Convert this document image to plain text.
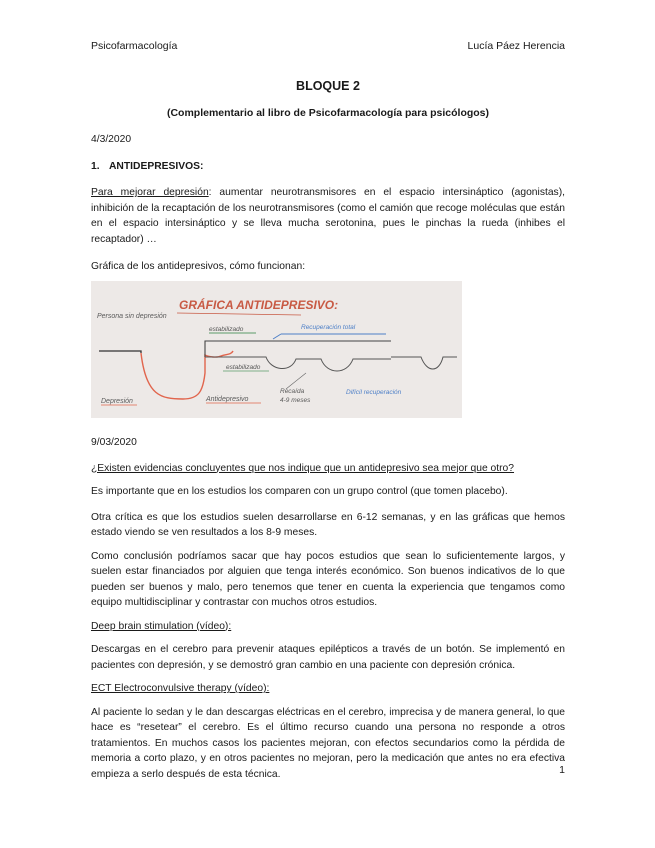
Psicofarmacología	Lucía Páez Herencia
BLOQUE 2
(Complementario al libro de Psicofarmacología para psicólogos)
4/3/2020
1. ANTIDEPRESIVOS:

Para mejorar depresión: aumentar neurotransmisores en el espacio intersináptico (agonistas), inhibición de la recaptación de los neurotransmisores (como el camión que recoge moléculas que están en el espacio intersináptico y se lleva mucha serotonina, pues le pinchas la rueda (inhibes el recaptador) …

Gráfica de los antidepresivos, cómo funcionan:

GRÁFICA ANTIDEPRESIVO:
Persona sin depresión
estabilizado	Recuperación total
estabilizado
Depresión	Antidepresivo
Recaída
4-9 meses
Difícil recuperación
9/03/2020

¿Existen evidencias concluyentes que nos indique que un antidepresivo sea mejor que otro?

Es importante que en los estudios los comparen con un grupo control (que tomen placebo).

Otra crítica es que los estudios suelen desarrollarse en 6-12 semanas, y en las gráficas que hemos estado viendo se ven resultados a los 8-9 meses.

Como conclusión podríamos sacar que hay pocos estudios que sean lo suficientemente largos, y suelen estar financiados por alguien que tenga interés económico. Son buenos indicativos de lo que pueden ser buenos y malo, pero tenemos que tener en cuenta la experiencia que tengamos como equipo multidisciplinar y contrastar con muchos otros estudios.

Deep brain stimulation (vídeo):

Descargas en el cerebro para prevenir ataques epilépticos a través de un botón. Se implementó en pacientes con depresión, y se demostró gran cambio en una paciente con depresión crónica.

ECT Electroconvulsive therapy (vídeo):

Al paciente lo sedan y le dan descargas eléctricas en el cerebro, imprecisa y de manera general, lo que hace es “resetear” el cerebro. Es el último recurso cuando una persona no responde a otros tratamientos. En muchos casos los pacientes mejoran, con efectos secundarios como la pérdida de memoria a corto plazo, y en otros pacientes no mejoran, pero la medicación que antes no era efectiva empieza a serlo después de esta técnica.	1
